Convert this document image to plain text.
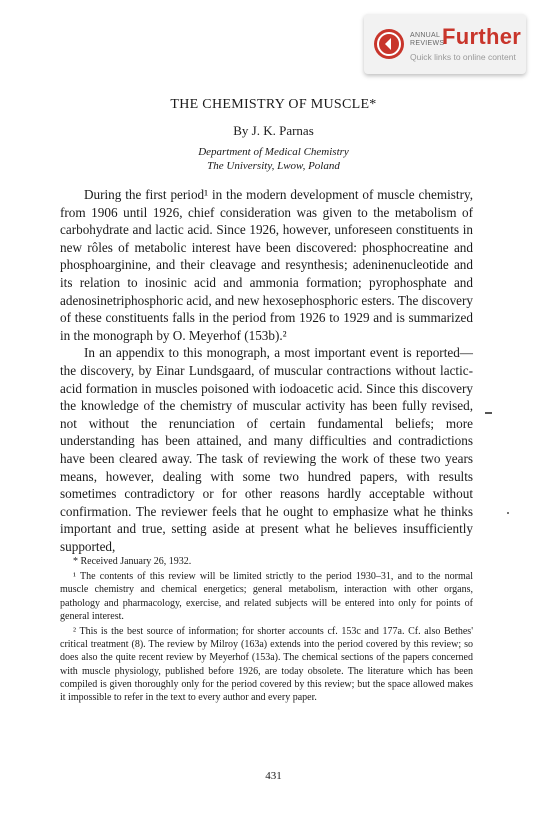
ANNUAL
REVIEWS
Further
Quick links to online content
THE CHEMISTRY OF MUSCLE*
By J. K. Parnas
Department of Medical Chemistry
The University, Lwow, Poland

During the first period¹ in the modern development of muscle chemistry, from 1906 until 1926, chief consideration was given to the metabolism of carbohydrate and lactic acid. Since 1926, however, unforeseen constituents in new rôles of metabolic interest have been discovered: phosphocreatine and phosphoarginine, and their cleavage and resynthesis; adeninenucleotide and its relation to inosinic acid and ammonia formation; pyrophosphate and adenosinetriphosphoric acid, and new hexosephosphoric esters. The discovery of these constituents falls in the period from 1926 to 1929 and is summarized in the monograph by O. Meyerhof (153b).²

In an appendix to this monograph, a most important event is reported—the discovery, by Einar Lundsgaard, of muscular contractions without lactic-acid formation in muscles poisoned with iodoacetic acid. Since this discovery the knowledge of the chemistry of muscular activity has been fully revised, not without the renunciation of certain fundamental beliefs; more understanding has been attained, and many difficulties and contradictions have been cleared away. The task of reviewing the work of these two years means, however, dealing with some two hundred papers, with results sometimes contradictory or for other reasons hardly acceptable without confirmation. The reviewer feels that he ought to emphasize what he thinks important and true, setting aside at present what he believes insufficiently supported,

* Received January 26, 1932.

¹ The contents of this review will be limited strictly to the period 1930–31, and to the normal muscle chemistry and chemical energetics; general metabolism, interaction with other organs, pathology and pharmacology, exercise, and related subjects will be entered into only for points of general interest.

² This is the best source of information; for shorter accounts cf. 153c and 177a. Cf. also Bethes' critical treatment (8). The review by Milroy (163a) extends into the period covered by this review; so does also the quite recent review by Meyerhof (153a). The chemical sections of the papers concerned with muscle physiology, published before 1926, are today obsolete. The literature which has been compiled is given thoroughly only for the period covered by this review; but the space allowed makes it impossible to refer in the text to every author and every paper.

431
